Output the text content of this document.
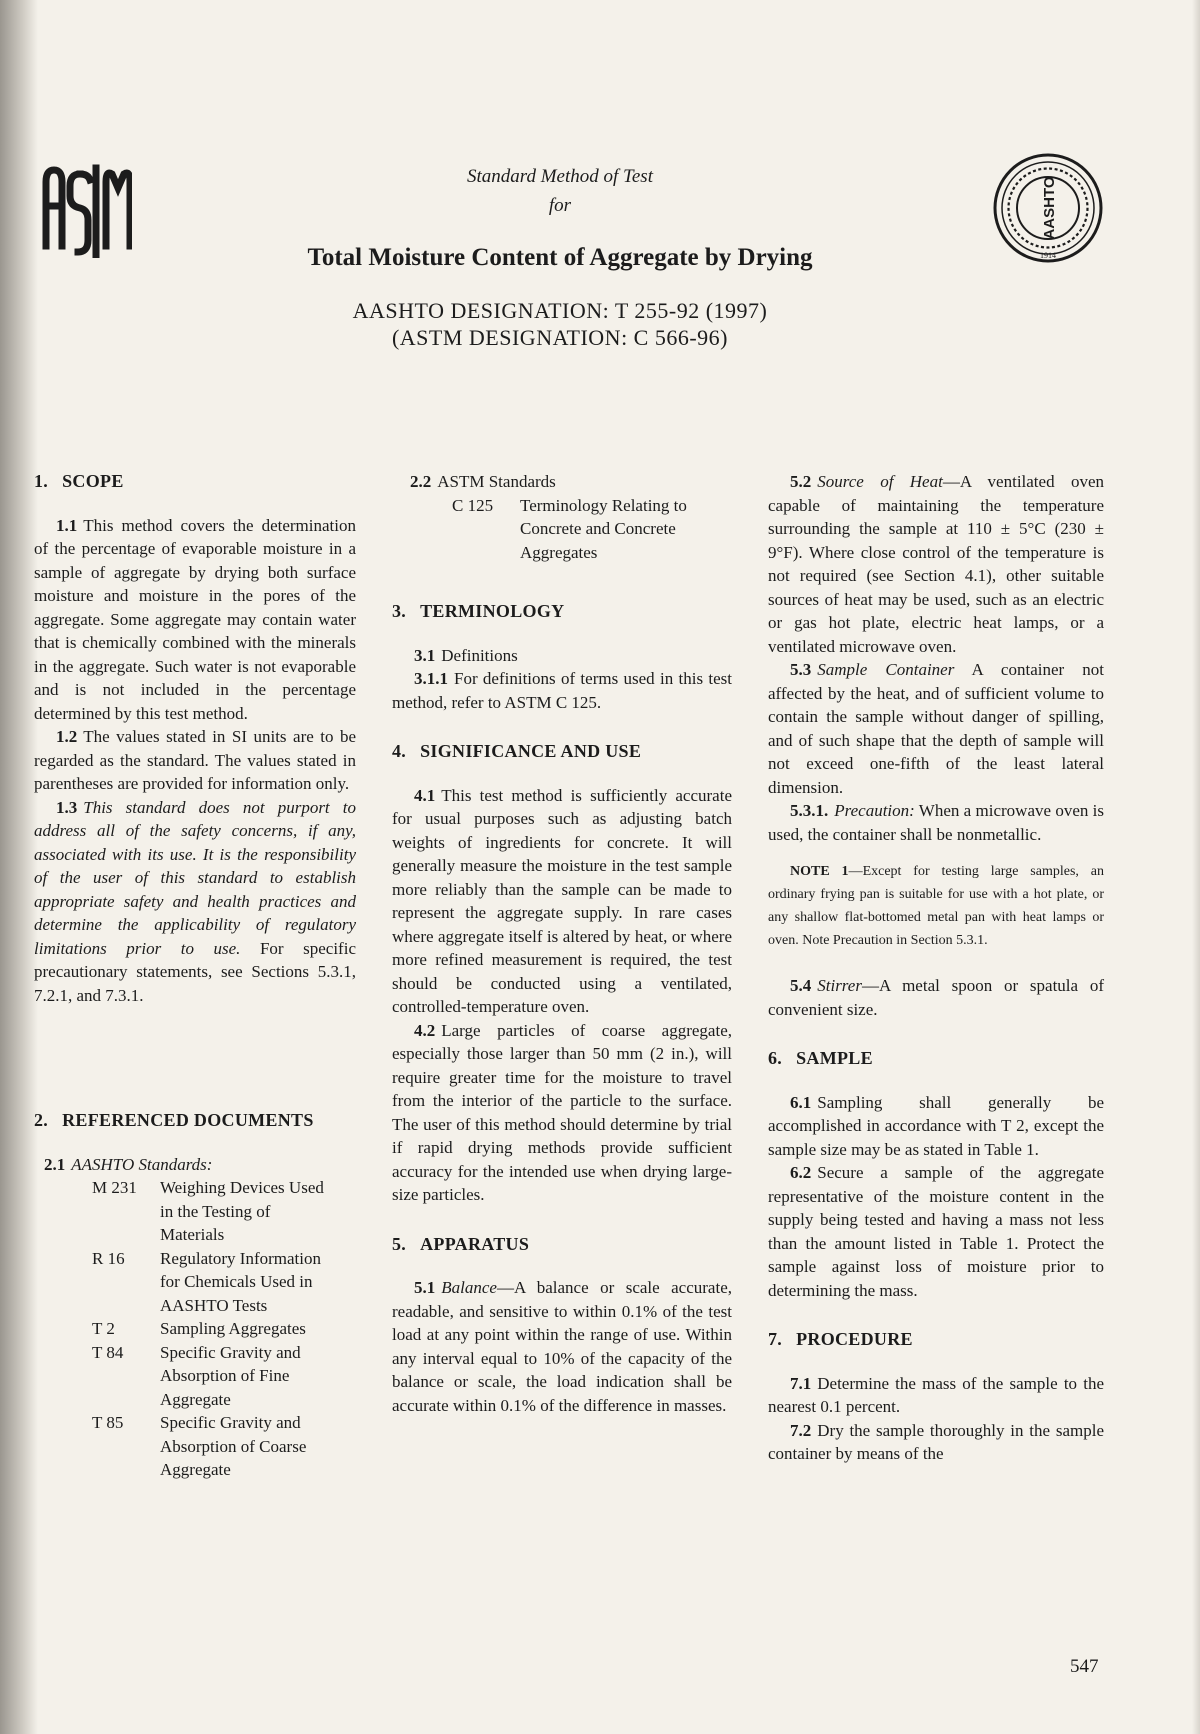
AASHTO
1914
Standard Method of Test
for
Total Moisture Content of Aggregate by Drying
AASHTO DESIGNATION: T 255-92 (1997)
(ASTM DESIGNATION: C 566-96)
1. SCOPE

1.1 This method covers the determination of the percentage of evaporable moisture in a sample of aggregate by drying both surface moisture and moisture in the pores of the aggregate. Some aggregate may contain water that is chemically combined with the minerals in the aggregate. Such water is not evaporable and is not included in the percentage determined by this test method.

1.2 The values stated in SI units are to be regarded as the standard. The values stated in parentheses are provided for information only.

1.3 This standard does not purport to address all of the safety concerns, if any, associated with its use. It is the responsibility of the user of this standard to establish appropriate safety and health practices and determine the applicability of regulatory limitations prior to use. For specific precautionary statements, see Sections 5.3.1, 7.2.1, and 7.3.1.

2. REFERENCED DOCUMENTS

2.1 AASHTO Standards:

M 231	Weighing Devices Used in the Testing of Materials
R 16	Regulatory Information for Chemicals Used in AASHTO Tests
T 2	Sampling Aggregates
T 84	Specific Gravity and Absorption of Fine Aggregate
T 85	Specific Gravity and Absorption of Coarse Aggregate

2.2 ASTM Standards

C 125	Terminology Relating to Concrete and Concrete Aggregates
3. TERMINOLOGY

3.1 Definitions

3.1.1 For definitions of terms used in this test method, refer to ASTM C 125.

4. SIGNIFICANCE AND USE

4.1 This test method is sufficiently accurate for usual purposes such as adjusting batch weights of ingredients for concrete. It will generally measure the moisture in the test sample more reliably than the sample can be made to represent the aggregate supply. In rare cases where aggregate itself is altered by heat, or where more refined measurement is required, the test should be conducted using a ventilated, controlled-temperature oven.

4.2 Large particles of coarse aggregate, especially those larger than 50 mm (2 in.), will require greater time for the moisture to travel from the interior of the particle to the surface. The user of this method should determine by trial if rapid drying methods provide sufficient accuracy for the intended use when drying large-size particles.

5. APPARATUS

5.1 Balance—A balance or scale accurate, readable, and sensitive to within 0.1% of the test load at any point within the range of use. Within any interval equal to 10% of the capacity of the balance or scale, the load indication shall be accurate within 0.1% of the difference in masses.

5.2 Source of Heat—A ventilated oven capable of maintaining the temperature surrounding the sample at 110 ± 5°C (230 ± 9°F). Where close control of the temperature is not required (see Section 4.1), other suitable sources of heat may be used, such as an electric or gas hot plate, electric heat lamps, or a ventilated microwave oven.

5.3 Sample Container A container not affected by the heat, and of sufficient volume to contain the sample without danger of spilling, and of such shape that the depth of sample will not exceed one-fifth of the least lateral dimension.

5.3.1. Precaution: When a microwave oven is used, the container shall be nonmetallic.

NOTE 1—Except for testing large samples, an ordinary frying pan is suitable for use with a hot plate, or any shallow flat-bottomed metal pan with heat lamps or oven. Note Precaution in Section 5.3.1.

5.4 Stirrer—A metal spoon or spatula of convenient size.

6. SAMPLE

6.1 Sampling shall generally be accomplished in accordance with T 2, except the sample size may be as stated in Table 1.

6.2 Secure a sample of the aggregate representative of the moisture content in the supply being tested and having a mass not less than the amount listed in Table 1. Protect the sample against loss of moisture prior to determining the mass.

7. PROCEDURE

7.1 Determine the mass of the sample to the nearest 0.1 percent.

7.2 Dry the sample thoroughly in the sample container by means of the

547
